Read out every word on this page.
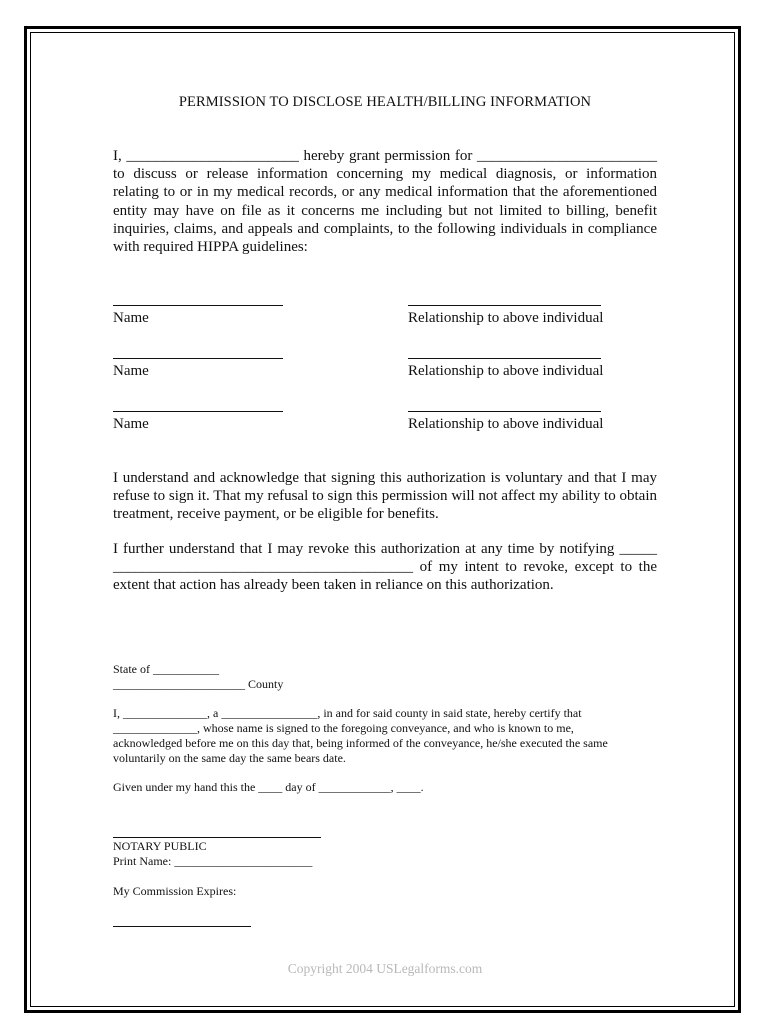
PERMISSION TO DISCLOSE HEALTH/BILLING INFORMATION

I, _______________________ hereby grant permission for ________________________ to discuss or release information concerning my medical diagnosis, or information relating to or in my medical records, or any medical information that the aforementioned entity may have on file as it concerns me including but not limited to billing, benefit inquiries, claims, and appeals and complaints, to the following individuals in compliance with required HIPPA guidelines:

Name	Relationship to above individual
Name	Relationship to above individual
Name	Relationship to above individual

I understand and acknowledge that signing this authorization is voluntary and that I may refuse to sign it. That my refusal to sign this permission will not affect my ability to obtain treatment, receive payment, or be eligible for benefits.

I further understand that I may revoke this authorization at any time by notifying _____ ________________________________________ of my intent to revoke, except to the extent that action has already been taken in reliance on this authorization.

State of ___________
______________________ County

I, ______________, a ________________, in and for said county in said state, hereby certify that ______________, whose name is signed to the foregoing conveyance, and who is known to me, acknowledged before me on this day that, being informed of the conveyance, he/she executed the same voluntarily on the same day the same bears date.

Given under my hand this the ____ day of ____________, ____.
NOTARY PUBLIC
Print Name: _______________________
My Commission Expires:
Copyright 2004 USLegalforms.com
